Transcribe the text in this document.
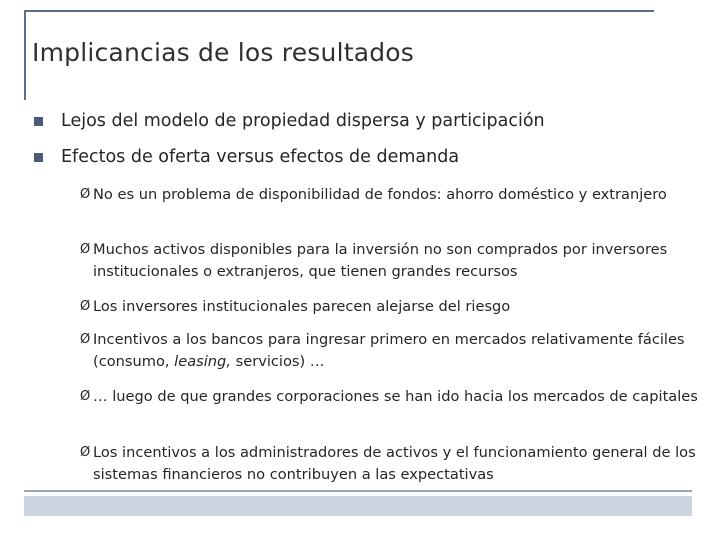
Implicancias de los resultados
Lejos del modelo de propiedad dispersa y participación
Efectos de oferta versus efectos de demanda
Ø No es un problema de disponibilidad de fondos: ahorro doméstico y extranjero
Ø Muchos activos disponibles para la inversión no son comprados por inversores institucionales o extranjeros, que tienen grandes recursos
Ø Los inversores institucionales parecen alejarse del riesgo
Ø Incentivos a los bancos para ingresar primero en mercados relativamente fáciles (consumo, leasing, servicios) …
Ø … luego de que grandes corporaciones se han ido hacia los mercados de capitales
Ø Los incentivos a los administradores de activos y el funcionamiento general de los sistemas financieros no contribuyen a las expectativas
